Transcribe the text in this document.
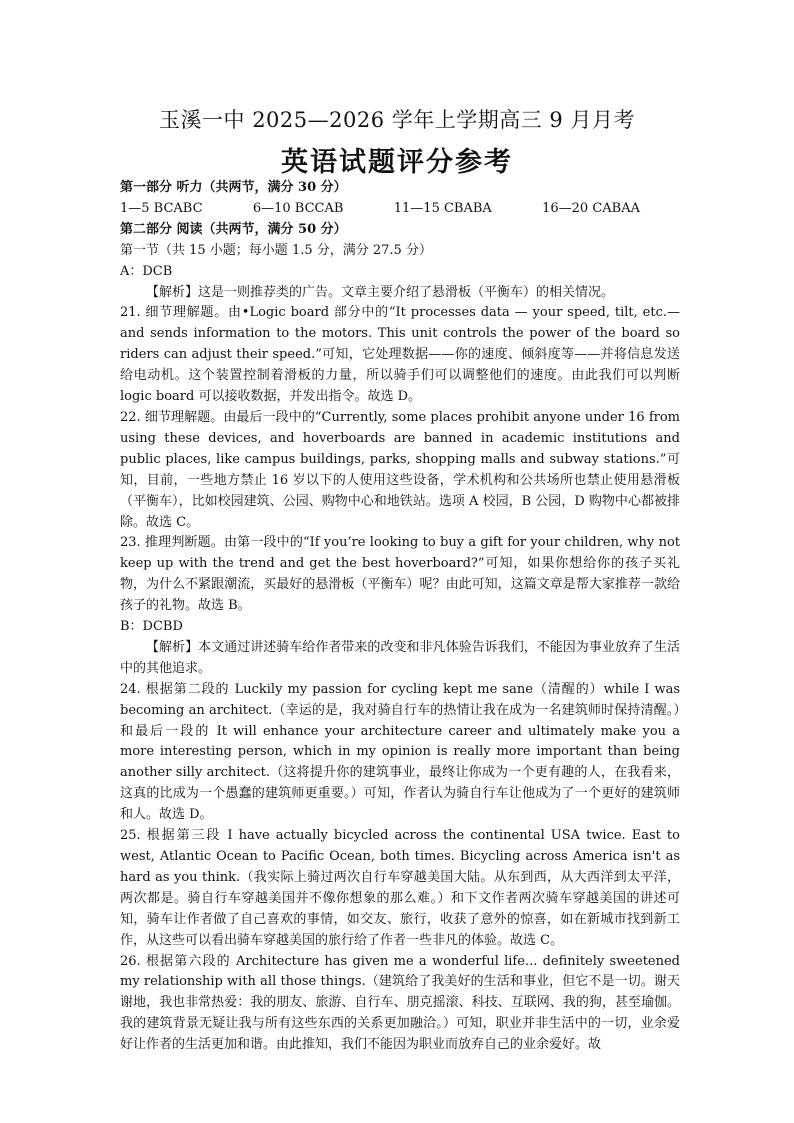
玉溪一中 2025—2026 学年上学期高三 9 月月考
英语试题评分参考

第一部分 听力（共两节，满分 30 分）

1—5 BCABC	6—10 BCCAB	11—15 CBABA	16—20 CABAA

第二部分 阅读（共两节，满分 50 分）

第一节（共 15 小题；每小题 1.5 分，满分 27.5 分）

A：DCB

【解析】这是一则推荐类的广告。文章主要介绍了悬滑板（平衡车）的相关情况。

21. 细节理解题。由•Logic board 部分中的“It processes data — your speed, tilt, etc.— and sends information to the motors. This unit controls the power of the board so riders can adjust their speed.”可知，它处理数据——你的速度、倾斜度等——并将信息发送给电动机。这个装置控制着滑板的力量，所以骑手们可以调整他们的速度。由此我们可以判断 logic board 可以接收数据，并发出指令。故选 D。

22. 细节理解题。由最后一段中的“Currently, some places prohibit anyone under 16 from using these devices, and hoverboards are banned in academic institutions and public places, like campus buildings, parks, shopping malls and subway stations.”可知，目前，一些地方禁止 16 岁以下的人使用这些设备，学术机构和公共场所也禁止使用悬滑板（平衡车），比如校园建筑、公园、购物中心和地铁站。选项 A 校园，B 公园，D 购物中心都被排除。故选 C。

23. 推理判断题。由第一段中的“If you’re looking to buy a gift for your children, why not keep up with the trend and get the best hoverboard?”可知，如果你想给你的孩子买礼物，为什么不紧跟潮流，买最好的悬滑板（平衡车）呢？由此可知，这篇文章是帮大家推荐一款给孩子的礼物。故选 B。

B：DCBD

【解析】本文通过讲述骑车给作者带来的改变和非凡体验告诉我们，不能因为事业放弃了生活中的其他追求。

24. 根据第二段的 Luckily my passion for cycling kept me sane（清醒的）while I was becoming an architect.（幸运的是，我对骑自行车的热情让我在成为一名建筑师时保持清醒。）和最后一段的 It will enhance your architecture career and ultimately make you a more interesting person, which in my opinion is really more important than being another silly architect.（这将提升你的建筑事业，最终让你成为一个更有趣的人，在我看来，这真的比成为一个愚蠢的建筑师更重要。）可知，作者认为骑自行车让他成为了一个更好的建筑师和人。故选 D。

25. 根据第三段 I have actually bicycled across the continental USA twice. East to west, Atlantic Ocean to Pacific Ocean, both times. Bicycling across America isn't as hard as you think.（我实际上骑过两次自行车穿越美国大陆。从东到西，从大西洋到太平洋，两次都是。骑自行车穿越美国并不像你想象的那么难。）和下文作者两次骑车穿越美国的讲述可知，骑车让作者做了自己喜欢的事情，如交友、旅行，收获了意外的惊喜，如在新城市找到新工作，从这些可以看出骑车穿越美国的旅行给了作者一些非凡的体验。故选 C。

26. 根据第六段的 Architecture has given me a wonderful life... definitely sweetened my relationship with all those things.（建筑给了我美好的生活和事业，但它不是一切。谢天谢地，我也非常热爱：我的朋友、旅游、自行车、朋克摇滚、科技、互联网、我的狗，甚至瑜伽。我的建筑背景无疑让我与所有这些东西的关系更加融洽。）可知，职业并非生活中的一切，业余爱好让作者的生活更加和谐。由此推知，我们不能因为职业而放弃自己的业余爱好。故
